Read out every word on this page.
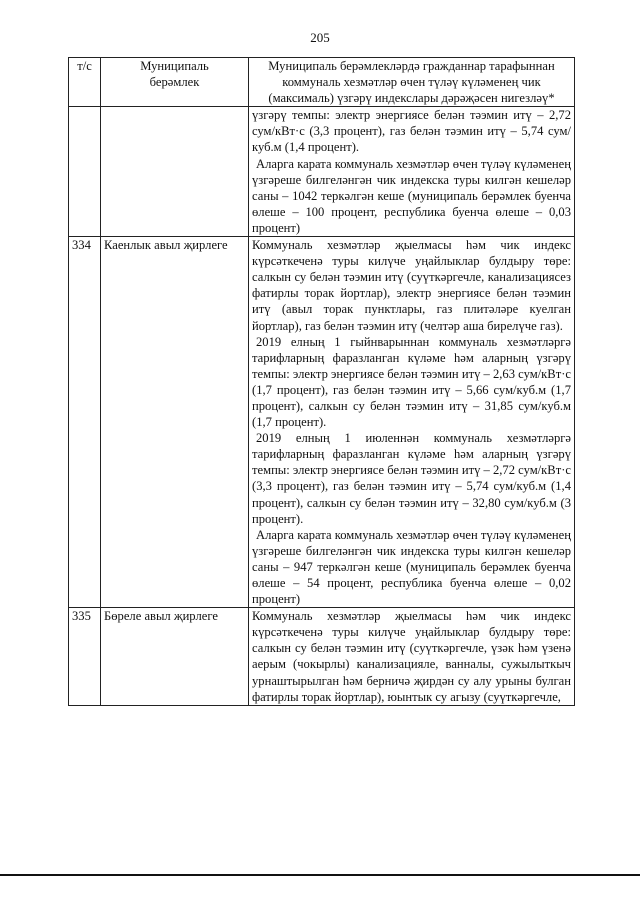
205
т/с	Муниципаль берәмлек	Муниципаль берәмлекләрдә гражданнар тарафыннан коммуналь хезмәтләр өчен түләү күләменең чик (максималь) үзгәрү индекслары дәрәҗәсен нигезләү*

		үзгәрү темпы: электр энергиясе белән тәэмин итү – 2,72 сум/кВт·с (3,3 процент), газ белән тәэмин итү – 5,74 сум/куб.м (1,4 процент).

Аларга карата коммуналь хезмәтләр өчен түләү күләменең үзгәреше билгеләнгән чик индекска туры килгән кешеләр саны – 1042 теркәлгән кеше (муниципаль берәмлек буенча өлеше – 100 процент, республика буенча өлеше – 0,03 процент)

334	Каенлык авыл җирлеге	Коммуналь хезмәтләр җыелмасы һәм чик индекс күрсәткеченә туры килүче уңайлыклар булдыру төре: салкын су белән тәэмин итү (суүткәргечле, канализациясез фатирлы торак йортлар), электр энергиясе белән тәэмин итү (авыл торак пунктлары, газ плитәләре куелган йортлар), газ белән тәэмин итү (челтәр аша бирелүче газ).

2019 елның 1 гыйнварыннан коммуналь хезмәтләргә тарифларның фаразланган күләме һәм аларның үзгәрү темпы: электр энергиясе белән тәэмин итү – 2,63 сум/кВт·с (1,7 процент), газ белән тәэмин итү – 5,66 сум/куб.м (1,7 процент), салкын су белән тәэмин итү – 31,85 сум/куб.м (1,7 процент).

2019 елның 1 июленнән коммуналь хезмәтләргә тарифларның фаразланган күләме һәм аларның үзгәрү темпы: электр энергиясе белән тәэмин итү – 2,72 сум/кВт·с (3,3 процент), газ белән тәэмин итү – 5,74 сум/куб.м (1,4 процент), салкын су белән тәэмин итү – 32,80 сум/куб.м (3 процент).

Аларга карата коммуналь хезмәтләр өчен түләү күләменең үзгәреше билгеләнгән чик индекска туры килгән кешеләр саны – 947 теркәлгән кеше (муниципаль берәмлек буенча өлеше – 54 процент, республика буенча өлеше – 0,02 процент)

335	Бөреле авыл җирлеге	Коммуналь хезмәтләр җыелмасы һәм чик индекс күрсәткеченә туры килүче уңайлыклар булдыру төре: салкын су белән тәэмин итү (суүткәргечле, үзәк һәм үзенә аерым (чокырлы) канализацияле, ванналы, сужылыткыч урнаштырылган һәм берничә җирдән су алу урыны булган фатирлы торак йортлар), юынтык су агызу (суүткәргечле,
